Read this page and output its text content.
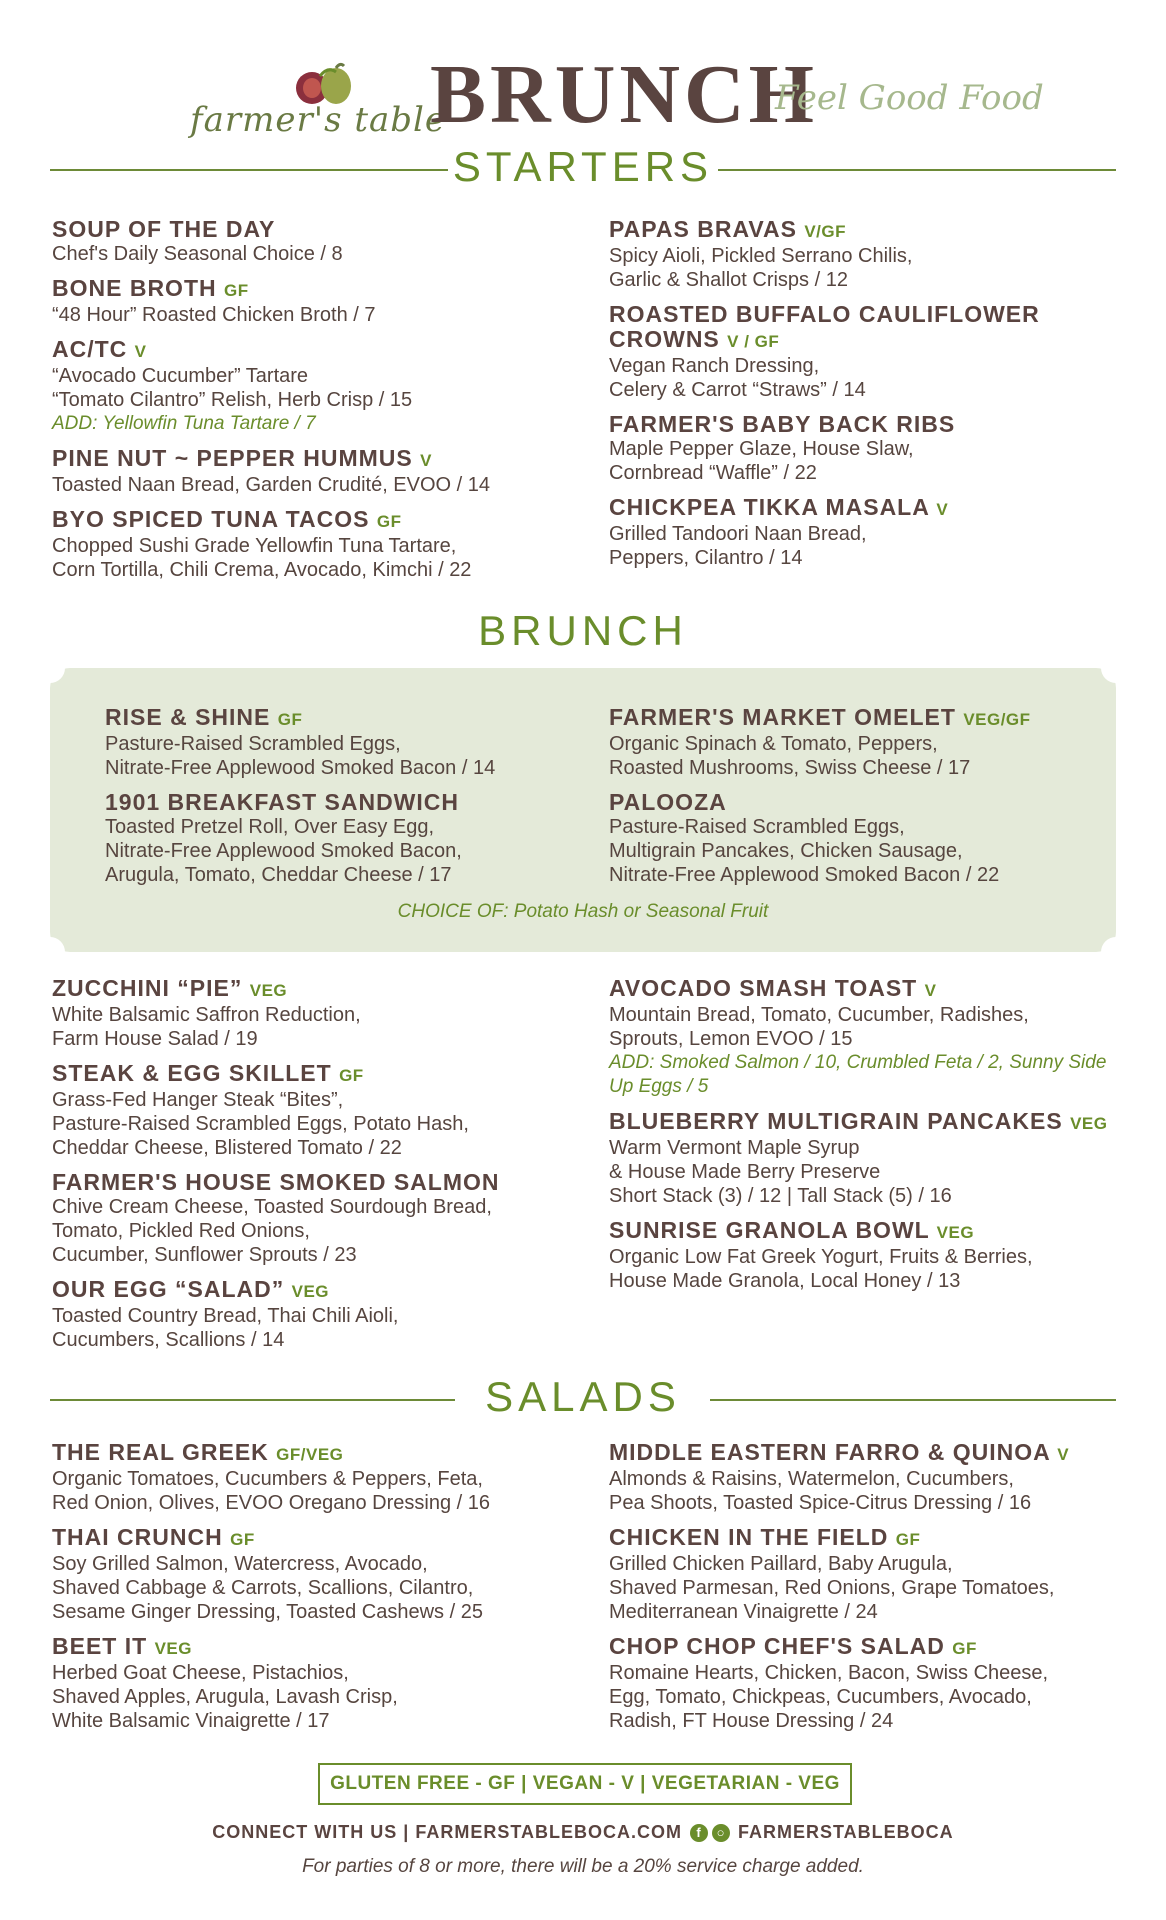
farmer's table
BRUNCH
Feel Good Food
STARTERS
SOUP OF THE DAY
Chef's Daily Seasonal Choice / 8
BONE BROTH GF
“48 Hour” Roasted Chicken Broth / 7
AC/TC V
“Avocado Cucumber” Tartare
“Tomato Cilantro” Relish, Herb Crisp / 15
ADD: Yellowfin Tuna Tartare / 7
PINE NUT ~ PEPPER HUMMUS V
Toasted Naan Bread, Garden Crudité, EVOO / 14
BYO SPICED TUNA TACOS GF
Chopped Sushi Grade Yellowfin Tuna Tartare,
Corn Tortilla, Chili Crema, Avocado, Kimchi / 22
PAPAS BRAVAS V/GF
Spicy Aioli, Pickled Serrano Chilis,
Garlic & Shallot Crisps / 12
ROASTED BUFFALO CAULIFLOWER CROWNS V / GF
Vegan Ranch Dressing,
Celery & Carrot “Straws” / 14
FARMER'S BABY BACK RIBS
Maple Pepper Glaze, House Slaw,
Cornbread “Waffle” / 22
CHICKPEA TIKKA MASALA V
Grilled Tandoori Naan Bread,
Peppers, Cilantro / 14
BRUNCH
CHOICE OF: Potato Hash or Seasonal Fruit
RISE & SHINE GF
Pasture-Raised Scrambled Eggs,
Nitrate-Free Applewood Smoked Bacon / 14
1901 BREAKFAST SANDWICH
Toasted Pretzel Roll, Over Easy Egg,
Nitrate-Free Applewood Smoked Bacon,
Arugula, Tomato, Cheddar Cheese / 17
FARMER'S MARKET OMELET VEG/GF
Organic Spinach & Tomato, Peppers,
Roasted Mushrooms, Swiss Cheese / 17
PALOOZA
Pasture-Raised Scrambled Eggs,
Multigrain Pancakes, Chicken Sausage,
Nitrate-Free Applewood Smoked Bacon / 22
ZUCCHINI “PIE” VEG
White Balsamic Saffron Reduction,
Farm House Salad / 19
STEAK & EGG SKILLET GF
Grass-Fed Hanger Steak “Bites”,
Pasture-Raised Scrambled Eggs, Potato Hash,
Cheddar Cheese, Blistered Tomato / 22
FARMER'S HOUSE SMOKED SALMON
Chive Cream Cheese, Toasted Sourdough Bread,
Tomato, Pickled Red Onions,
Cucumber, Sunflower Sprouts / 23
OUR EGG “SALAD” VEG
Toasted Country Bread, Thai Chili Aioli,
Cucumbers, Scallions / 14
AVOCADO SMASH TOAST V
Mountain Bread, Tomato, Cucumber, Radishes,
Sprouts, Lemon EVOO / 15
ADD: Smoked Salmon / 10, Crumbled Feta / 2, Sunny Side Up Eggs / 5
BLUEBERRY MULTIGRAIN PANCAKES VEG
Warm Vermont Maple Syrup
& House Made Berry Preserve
Short Stack (3) / 12 | Tall Stack (5) / 16
SUNRISE GRANOLA BOWL VEG
Organic Low Fat Greek Yogurt, Fruits & Berries,
House Made Granola, Local Honey / 13
SALADS
THE REAL GREEK GF/VEG
Organic Tomatoes, Cucumbers & Peppers, Feta,
Red Onion, Olives, EVOO Oregano Dressing / 16
THAI CRUNCH GF
Soy Grilled Salmon, Watercress, Avocado,
Shaved Cabbage & Carrots, Scallions, Cilantro,
Sesame Ginger Dressing, Toasted Cashews / 25
BEET IT VEG
Herbed Goat Cheese, Pistachios,
Shaved Apples, Arugula, Lavash Crisp,
White Balsamic Vinaigrette / 17
MIDDLE EASTERN FARRO & QUINOA V
Almonds & Raisins, Watermelon, Cucumbers,
Pea Shoots, Toasted Spice-Citrus Dressing / 16
CHICKEN IN THE FIELD GF
Grilled Chicken Paillard, Baby Arugula,
Shaved Parmesan, Red Onions, Grape Tomatoes,
Mediterranean Vinaigrette / 24
CHOP CHOP CHEF'S SALAD GF
Romaine Hearts, Chicken, Bacon, Swiss Cheese,
Egg, Tomato, Chickpeas, Cucumbers, Avocado,
Radish, FT House Dressing / 24
GLUTEN FREE - GF | VEGAN - V | VEGETARIAN - VEG
CONNECT WITH US | FARMERSTABLEBOCA.COM f ○ FARMERSTABLEBOCA
For parties of 8 or more, there will be a 20% service charge added.
